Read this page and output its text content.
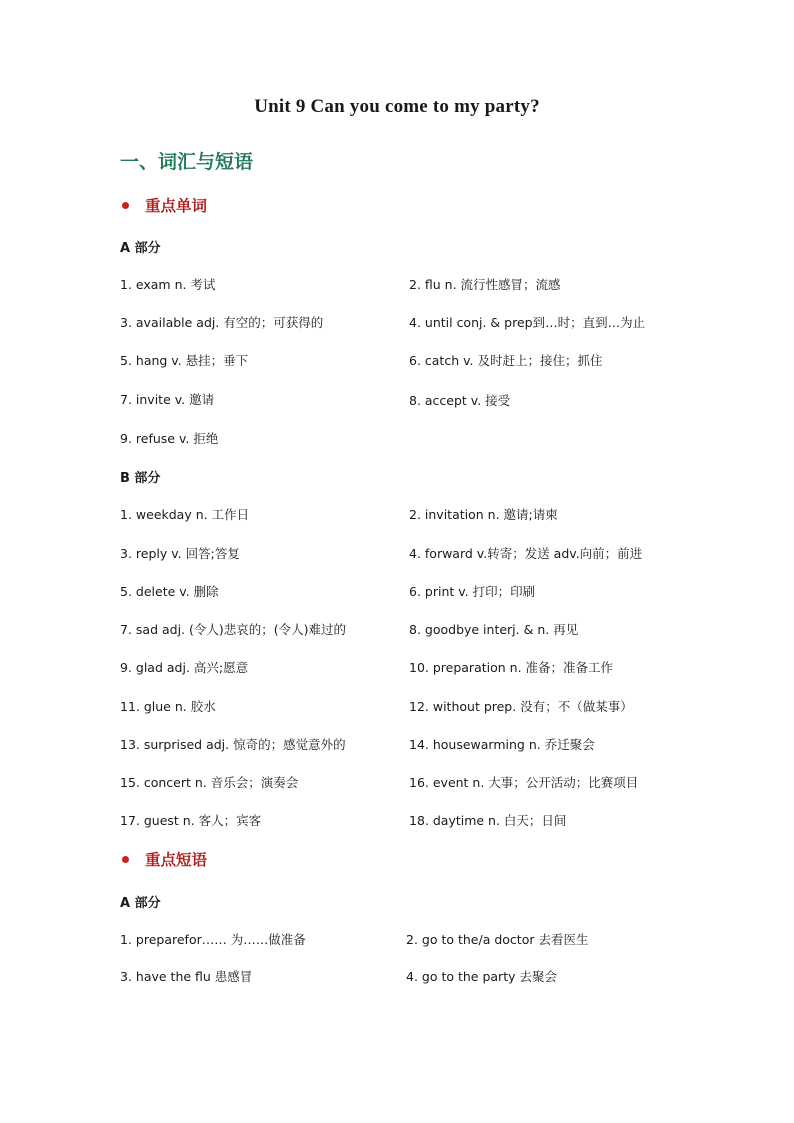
Unit 9 Can you come to my party?
一、词汇与短语
重点单词
A 部分
1. exam n. 考试	2. flu n. 流行性感冒；流感
3. available adj. 有空的；可获得的	4. until conj. & prep到…时；直到…为止
5. hang v. 悬挂；垂下	6. catch v. 及时赶上；接住；抓住
7. invite v. 邀请	8. accept v. 接受
9. refuse v. 拒绝
B 部分
1. weekday n. 工作日	2. invitation n. 邀请;请柬
3. reply v. 回答;答复	4. forward v.转寄；发送 adv.向前；前进
5. delete v. 删除	6. print v. 打印；印刷
7. sad adj. (令人)悲哀的；(令人)难过的	8. goodbye interj. & n. 再见
9. glad adj. 高兴;愿意	10. preparation n. 准备；准备工作
11. glue n. 胶水	12. without prep. 没有；不（做某事）
13. surprised adj. 惊奇的；感觉意外的	14. housewarming n. 乔迁聚会
15. concert n. 音乐会；演奏会	16. event n. 大事；公开活动；比赛项目
17. guest n. 客人；宾客	18. daytime n. 白天；日间
重点短语
A 部分
1. preparefor…… 为……做准备	2. go to the/a doctor 去看医生
3. have the flu 患感冒	4. go to the party 去聚会
